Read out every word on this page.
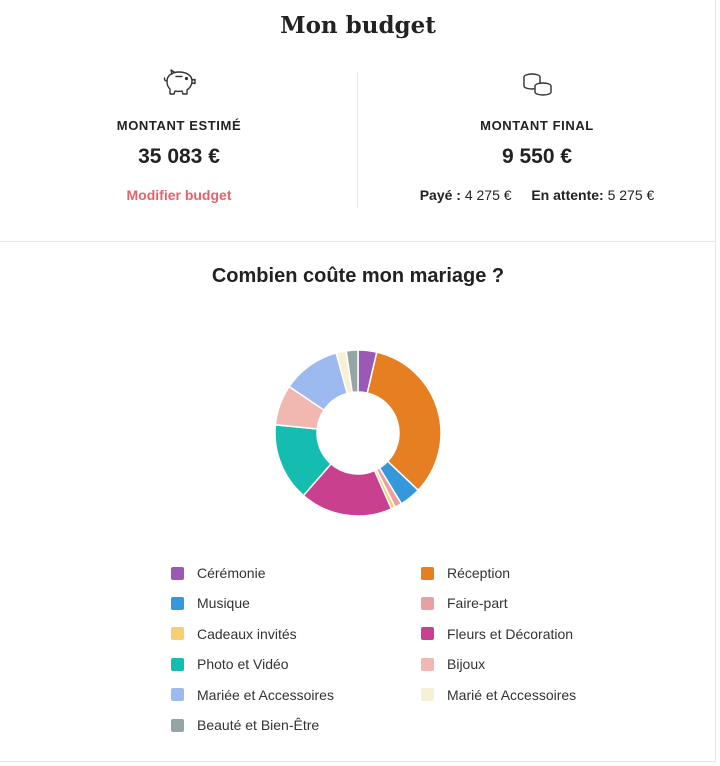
Mon budget
MONTANT ESTIMÉ
35 083 €
Modifier budget
MONTANT FINAL
9 550 €
Payé : 4 275 € En attente: 5 275 €
Combien coûte mon mariage ?
Cérémonie	Réception
Musique	Faire-part
Cadeaux invités	Fleurs et Décoration
Photo et Vidéo	Bijoux
Mariée et Accessoires	Marié et Accessoires
Beauté et Bien-Être
